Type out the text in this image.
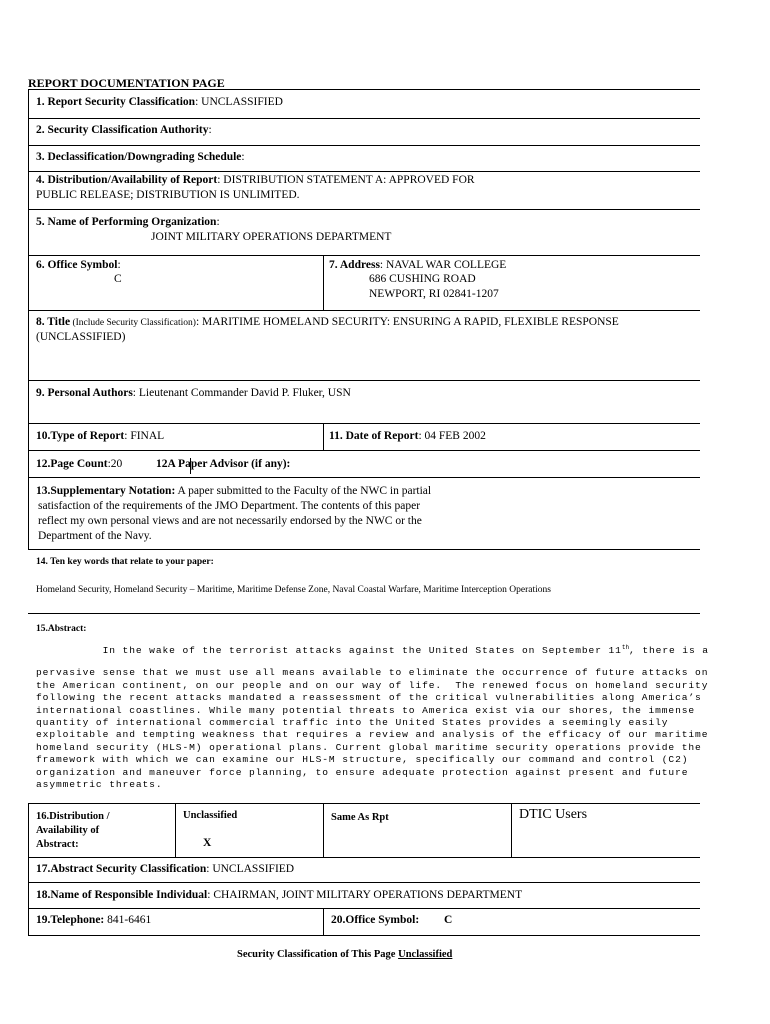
REPORT DOCUMENTATION PAGE
1. Report Security Classification: UNCLASSIFIED
2. Security Classification Authority:
3. Declassification/Downgrading Schedule:
4. Distribution/Availability of Report: DISTRIBUTION STATEMENT A: APPROVED FOR
PUBLIC RELEASE; DISTRIBUTION IS UNLIMITED.
5. Name of Performing Organization:
JOINT MILITARY OPERATIONS DEPARTMENT
6. Office Symbol:
C
7. Address: NAVAL WAR COLLEGE
686 CUSHING ROAD
NEWPORT, RI 02841-1207
8. Title (Include Security Classification): MARITIME HOMELAND SECURITY: ENSURING A RAPID, FLEXIBLE RESPONSE
(UNCLASSIFIED)
9. Personal Authors: Lieutenant Commander David P. Fluker, USN
10.Type of Report: FINAL	11. Date of Report: 04 FEB 2002
12.Page Count:20	12A Paper Advisor (if any):
13.Supplementary Notation: A paper submitted to the Faculty of the NWC in partial
satisfaction of the requirements of the JMO Department. The contents of this paper
reflect my own personal views and are not necessarily endorsed by the NWC or the
Department of the Navy.
14. Ten key words that relate to your paper:
Homeland Security, Homeland Security – Maritime, Maritime Defense Zone, Naval Coastal Warfare, Maritime Interception Operations
15.Abstract:
In the wake of the terrorist attacks against the United States on September 11th, there is a

pervasive sense that we must use all means available to eliminate the occurrence of future attacks on
the American continent, on our people and on our way of life.  The renewed focus on homeland security
following the recent attacks mandated a reassessment of the critical vulnerabilities along America’s
international coastlines. While many potential threats to America exist via our shores, the immense
quantity of international commercial traffic into the United States provides a seemingly easily
exploitable and tempting weakness that requires a review and analysis of the efficacy of our maritime
homeland security (HLS-M) operational plans. Current global maritime security operations provide the
framework with which we can examine our HLS-M structure, specifically our command and control (C2)
organization and maneuver force planning, to ensure adequate protection against present and future
asymmetric threats.

16.Distribution /
Availability of
Abstract:
Unclassified
X
Same As Rpt	DTIC Users
17.Abstract Security Classification: UNCLASSIFIED
18.Name of Responsible Individual: CHAIRMAN, JOINT MILITARY OPERATIONS DEPARTMENT
19.Telephone: 841-6461	20.Office Symbol: C
Security Classification of This Page Unclassified
